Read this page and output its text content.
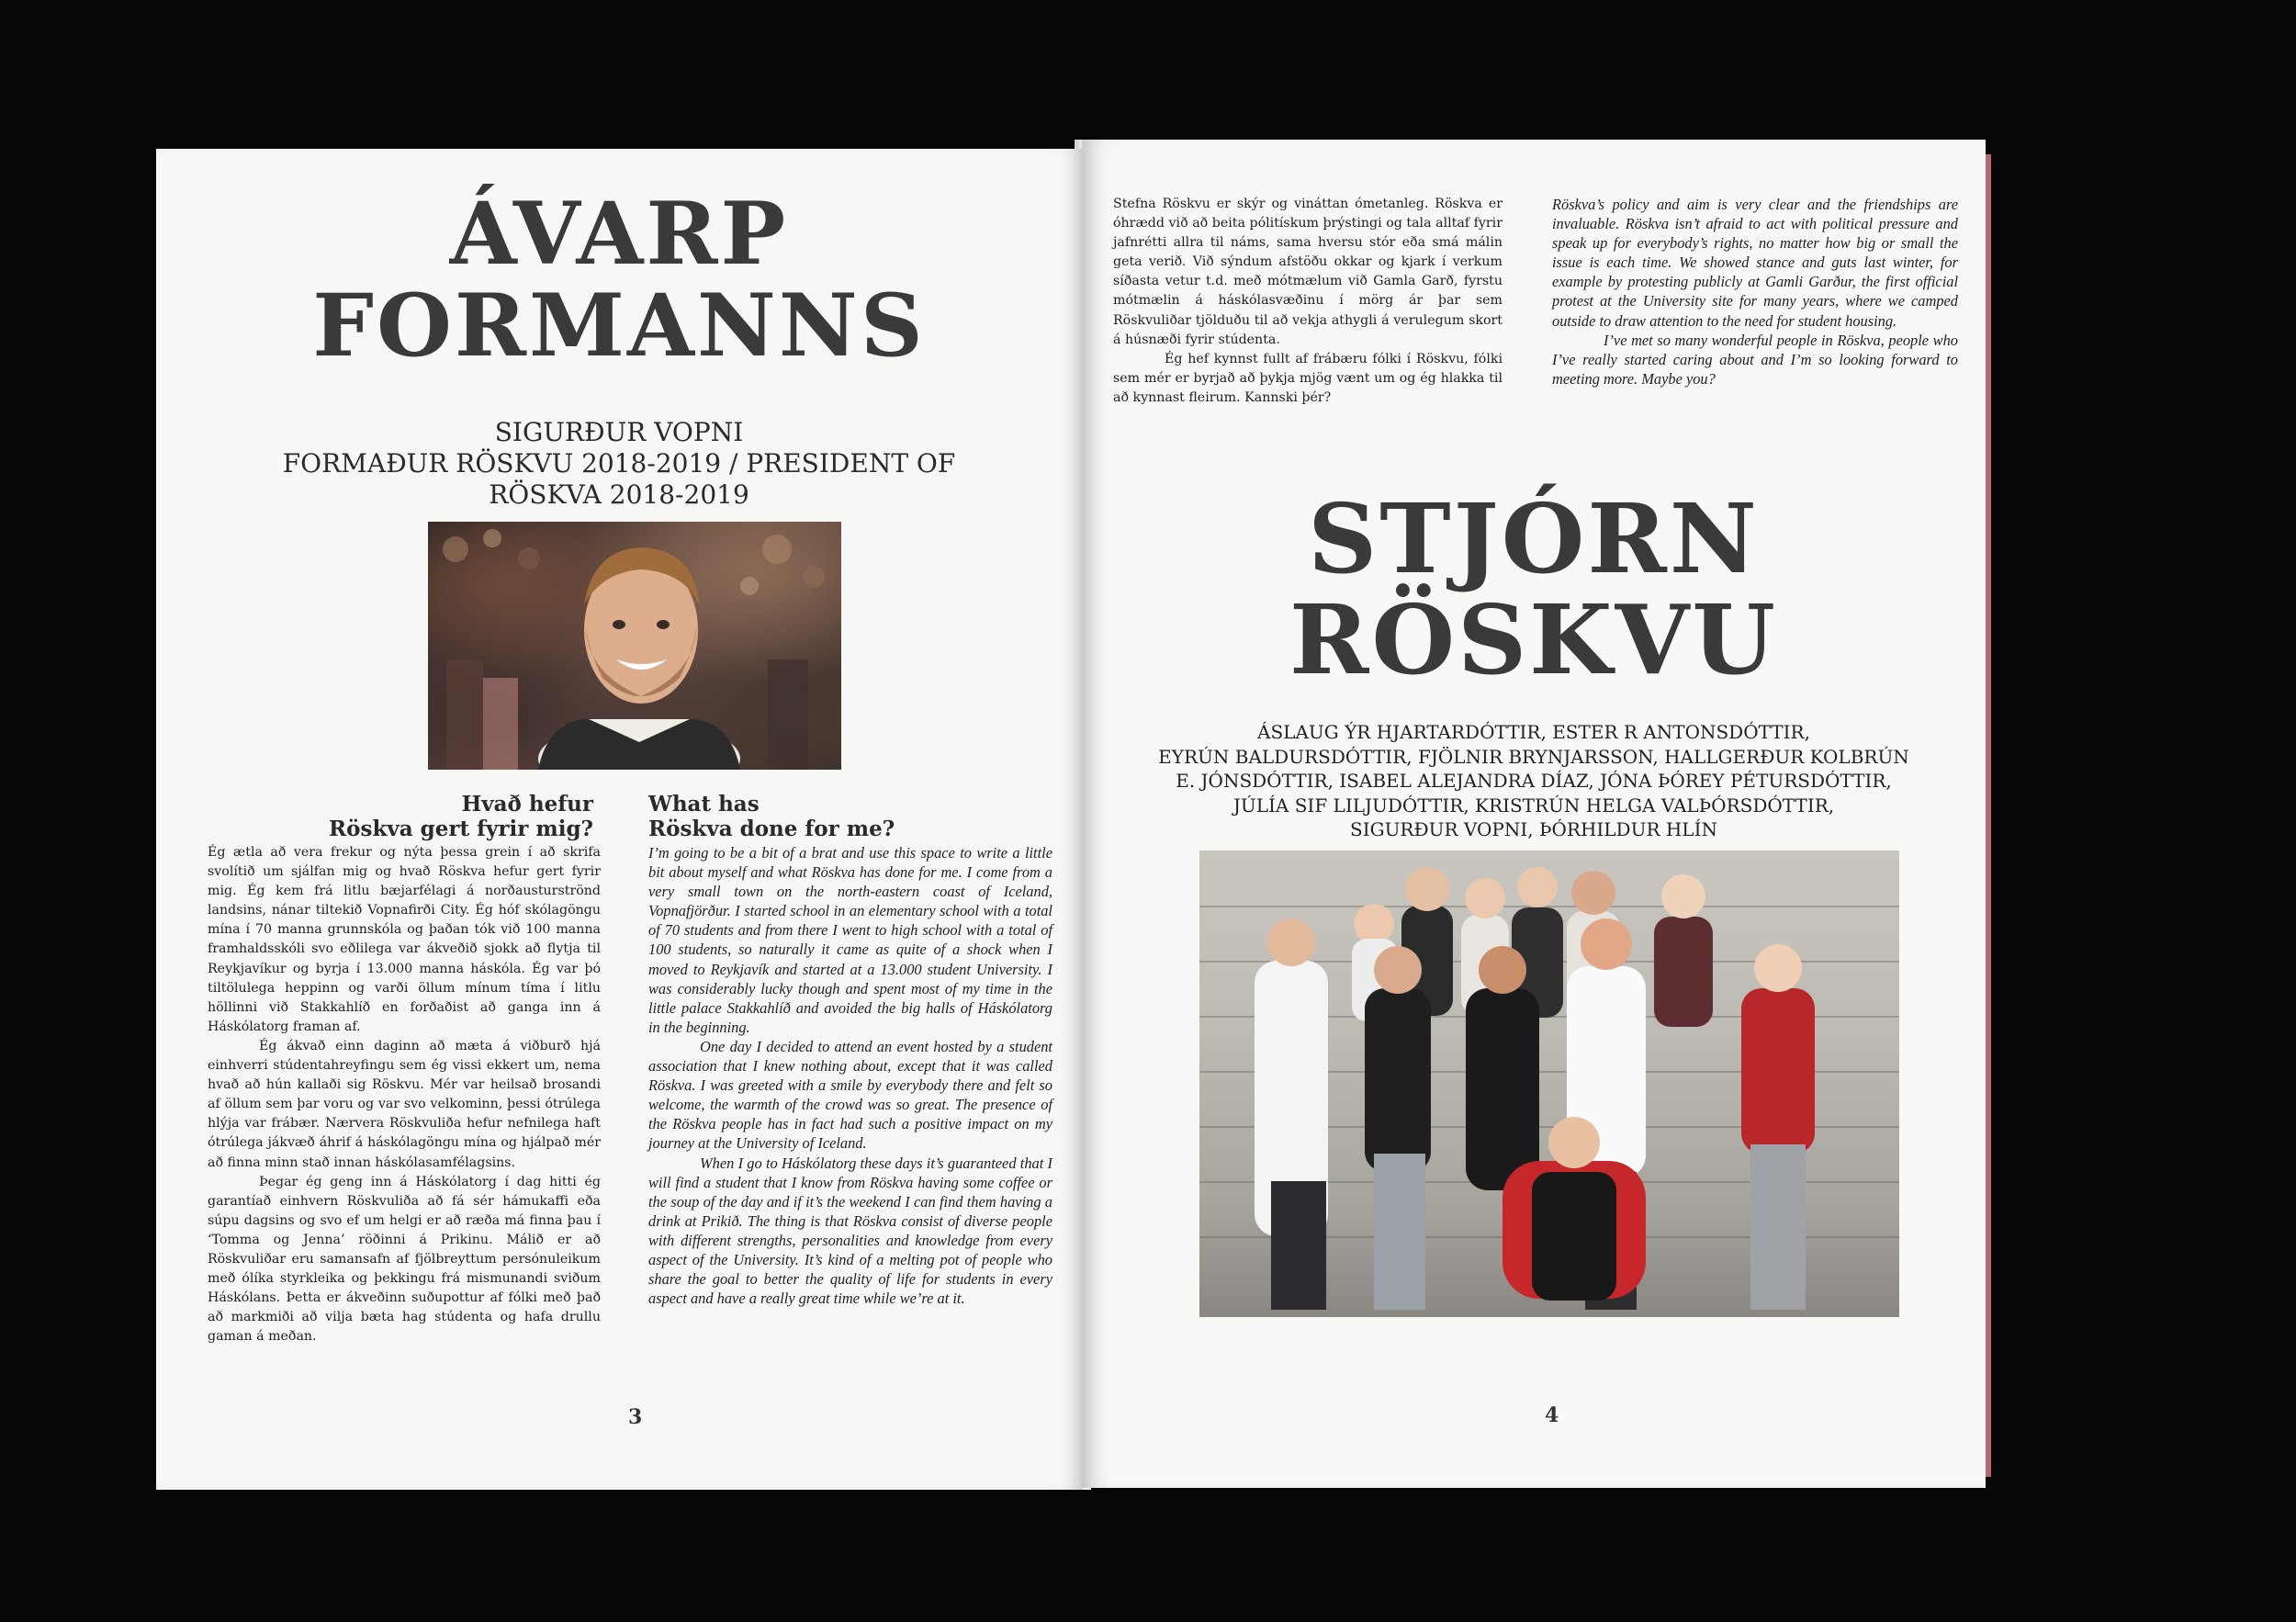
ÁVARP
FORMANNS
SIGURÐUR VOPNI
FORMAÐUR RÖSKVU 2018-2019 / PRESIDENT OF
RÖSKVA 2018-2019
Hvað hefur
Röskva gert fyrir mig?
What has
Röskva done for me?

Ég ætla að vera frekur og nýta þessa grein í að skrifa svolítið um sjálfan mig og hvað Röskva hefur gert fyrir mig. Ég kem frá litlu bæjarfélagi á norðausturströnd landsins, nánar tiltekið Vopnafirði City. Ég hóf skólagöngu mína í 70 manna grunnskóla og þaðan tók við 100 manna framhaldsskóli svo eðlilega var ákveðið sjokk að flytja til Reykjavíkur og byrja í 13.000 manna háskóla. Ég var þó tiltölulega heppinn og varði öllum mínum tíma í litlu höllinni við Stakkahlíð en forðaðist að ganga inn á Háskólatorg framan af.

Ég ákvað einn daginn að mæta á viðburð hjá einhverri stúdentahreyfingu sem ég vissi ekkert um, nema hvað að hún kallaði sig Röskvu. Mér var heilsað brosandi af öllum sem þar voru og var svo velkominn, þessi ótrúlega hlýja var frábær. Nærvera Röskvuliða hefur nefnilega haft ótrúlega jákvæð áhrif á háskólagöngu mína og hjálpað mér að finna minn stað innan háskólasamfélagsins.

Þegar ég geng inn á Háskólatorg í dag hitti ég garantíað einhvern Röskvuliða að fá sér hámukaffi eða súpu dagsins og svo ef um helgi er að ræða má finna þau í ‘Tomma og Jenna’ röðinni á Prikinu. Málið er að Röskvuliðar eru samansafn af fjölbreyttum persónuleikum með ólíka styrkleika og þekkingu frá mismunandi sviðum Háskólans. Þetta er ákveðinn suðupottur af fólki með það að markmiði að vilja bæta hag stúdenta og hafa drullu gaman á meðan.

I’m going to be a bit of a brat and use this space to write a little bit about myself and what Röskva has done for me. I come from a very small town on the north-eastern coast of Iceland, Vopnafjörður. I started school in an elementary school with a total of 70 students and from there I went to high school with a total of 100 students, so naturally it came as quite of a shock when I moved to Reykjavík and started at a 13.000 student University. I was considerably lucky though and spent most of my time in the little palace Stakkahlíð and avoided the big halls of Háskólatorg in the beginning.

One day I decided to attend an event hosted by a student association that I knew nothing about, except that it was called Röskva. I was greeted with a smile by everybody there and felt so welcome, the warmth of the crowd was so great. The presence of the Röskva people has in fact had such a positive impact on my journey at the University of Iceland.

When I go to Háskólatorg these days it’s guaranteed that I will find a student that I know from Röskva having some coffee or the soup of the day and if it’s the weekend I can find them having a drink at Prikið. The thing is that Röskva consist of diverse people with different strengths, personalities and knowledge from every aspect of the University. It’s kind of a melting pot of people who share the goal to better the quality of life for students in every aspect and have a really great time while we’re at it.

3

Stefna Röskvu er skýr og vináttan ómetanleg. Röskva er óhrædd við að beita pólitískum þrýstingi og tala alltaf fyrir jafnrétti allra til náms, sama hversu stór eða smá málin geta verið. Við sýndum afstöðu okkar og kjark í verkum síðasta vetur t.d. með mótmælum við Gamla Garð, fyrstu mótmælin á háskólasvæðinu í mörg ár þar sem Röskvuliðar tjölduðu til að vekja athygli á verulegum skort á húsnæði fyrir stúdenta.

Ég hef kynnst fullt af frábæru fólki í Röskvu, fólki sem mér er byrjað að þykja mjög vænt um og ég hlakka til að kynnast fleirum. Kannski þér?

Röskva’s policy and aim is very clear and the friendships are invaluable. Röskva isn’t afraid to act with political pressure and speak up for everybody’s rights, no matter how big or small the issue is each time. We showed stance and guts last winter, for example by protesting publicly at Gamli Garður, the first official protest at the University site for many years, where we camped outside to draw attention to the need for student housing.

I’ve met so many wonderful people in Röskva, people who I’ve really started caring about and I’m so looking forward to meeting more. Maybe you?

STJÓRN
RÖSKVU
ÁSLAUG ÝR HJARTARDÓTTIR, ESTER R ANTONSDÓTTIR,
EYRÚN BALDURSDÓTTIR, FJÖLNIR BRYNJARSSON, HALLGERÐUR KOLBRÚN
E. JÓNSDÓTTIR, ISABEL ALEJANDRA DÍAZ, JÓNA ÞÓREY PÉTURSDÓTTIR,
JÚLÍA SIF LILJUDÓTTIR, KRISTRÚN HELGA VALÞÓRSDÓTTIR,
SIGURÐUR VOPNI, ÞÓRHILDUR HLÍN
4
